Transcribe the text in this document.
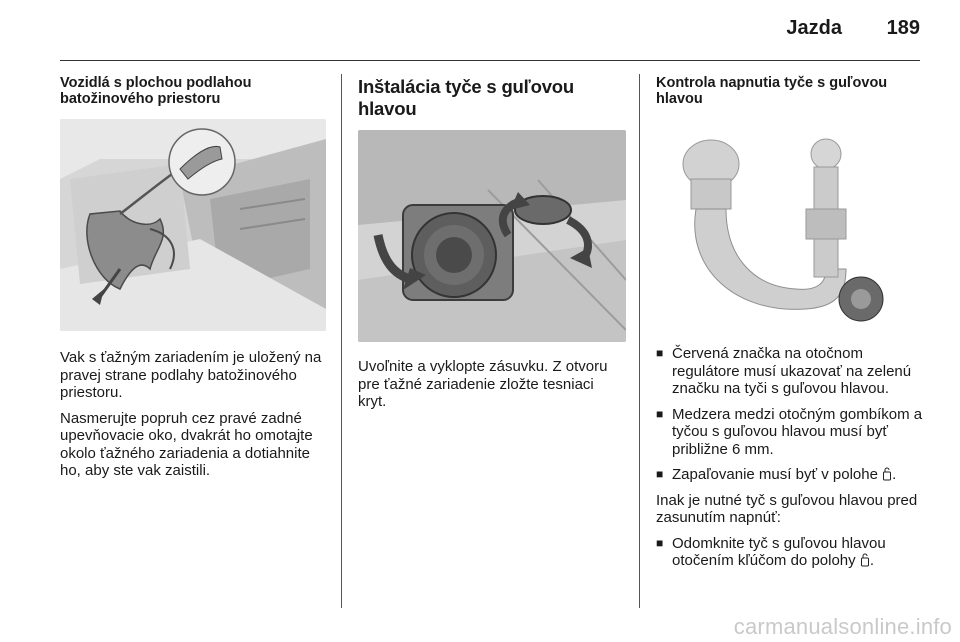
Jazda 189
Vozidlá s plochou podlahou batožinového priestoru

Vak s ťažným zariadením je uložený na pravej strane podlahy batožinového priestoru.

Nasmerujte popruh cez pravé zadné upevňovacie oko, dvakrát ho omotajte okolo ťažného zariadenia a dotiahnite ho, aby ste vak zaistili.

Inštalácia tyče s guľovou hlavou

Uvoľnite a vyklopte zásuvku. Z otvoru pre ťažné zariadenie zložte tesniaci kryt.

Kontrola napnutia tyče s guľovou hlavou
■ Červená značka na otočnom regulátore musí ukazovať na zelenú značku na tyči s guľovou hlavou.
■ Medzera medzi otočným gombíkom a tyčou s guľovou hlavou musí byť približne 6 mm.
■ Zapaľovanie musí byť v polohe .

Inak je nutné tyč s guľovou hlavou pred zasunutím napnúť:

■ Odomknite tyč s guľovou hlavou otočením kľúčom do polohy .
carmanualsonline.info
